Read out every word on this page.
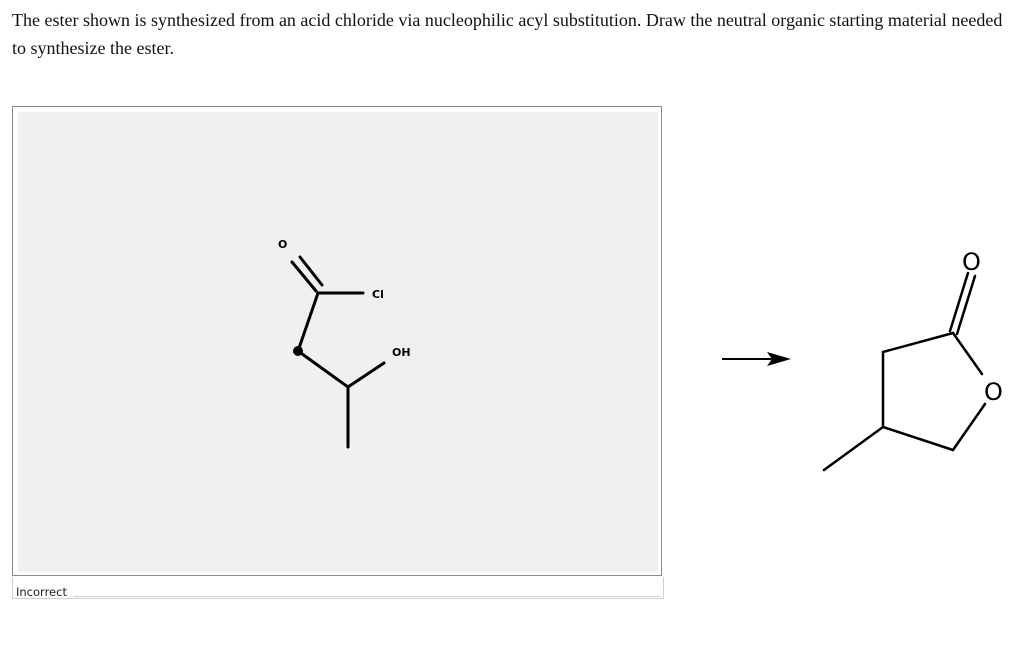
The ester shown is synthesized from an acid chloride via nucleophilic acyl substitution. Draw the neutral organic starting material needed to synthesize the ester.
Incorrect
O
Cl
OH
O
O
